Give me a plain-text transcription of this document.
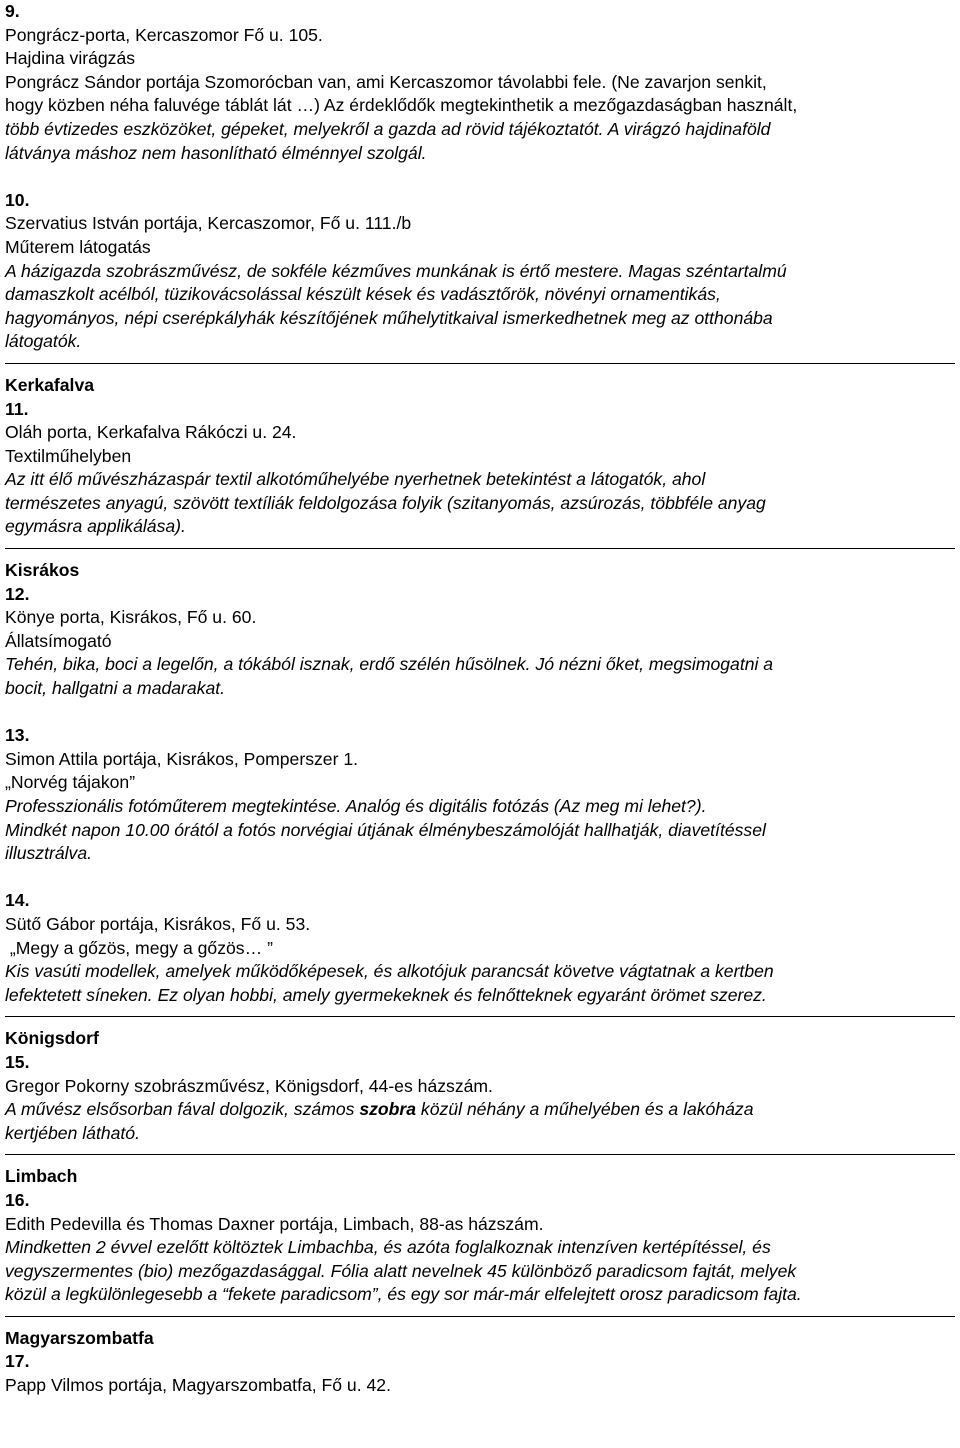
9.
Pongrácz-porta, Kercaszomor Fő u. 105.
Hajdina virágzás
Pongrácz Sándor portája Szomorócban van, ami Kercaszomor távolabbi fele. (Ne zavarjon senkit,
hogy közben néha faluvége táblát lát …) Az érdeklődők megtekinthetik a mezőgazdaságban használt,
több évtizedes eszközöket, gépeket, melyekről a gazda ad rövid tájékoztatót. A virágzó hajdinaföld
látványa máshoz nem hasonlítható élménnyel szolgál.
10.
Szervatius István portája, Kercaszomor, Fő u. 111./b
Műterem látogatás
A házigazda szobrászművész, de sokféle kézműves munkának is értő mestere. Magas széntartalmú
damaszkolt acélból, tüzikovácsolással készült kések és vadásztőrök, növényi ornamentikás,
hagyományos, népi cserépkályhák készítőjének műhelytitkaival ismerkedhetnek meg az otthonába
látogatók.
Kerkafalva
11.
Oláh porta, Kerkafalva Rákóczi u. 24.
Textilműhelyben
Az itt élő művészházaspár textil alkotóműhelyébe nyerhetnek betekintést a látogatók, ahol
természetes anyagú, szövött textíliák feldolgozása folyik (szitanyomás, azsúrozás, többféle anyag
egymásra applikálása).
Kisrákos
12.
Könye porta, Kisrákos, Fő u. 60.
Állatsímogató
Tehén, bika, boci a legelőn, a tókából isznak, erdő szélén hűsölnek. Jó nézni őket, megsimogatni a
bocit, hallgatni a madarakat.
13.
Simon Attila portája, Kisrákos, Pomperszer 1.
„Norvég tájakon”
Professzionális fotóműterem megtekintése. Analóg és digitális fotózás (Az meg mi lehet?).
Mindkét napon 10.00 órától a fotós norvégiai útjának élménybeszámolóját hallhatják, diavetítéssel
illusztrálva.
14.
Sütő Gábor portája, Kisrákos, Fő u. 53.
„Megy a gőzös, megy a gőzös… ”
Kis vasúti modellek, amelyek működőképesek, és alkotójuk parancsát követve vágtatnak a kertben
lefektetett síneken. Ez olyan hobbi, amely gyermekeknek és felnőtteknek egyaránt örömet szerez.
Königsdorf
15.
Gregor Pokorny szobrászművész, Königsdorf, 44-es házszám.
A művész elsősorban fával dolgozik, számos szobra közül néhány a műhelyében és a lakóháza
kertjében látható.
Limbach
16.
Edith Pedevilla és Thomas Daxner portája, Limbach, 88-as házszám.
Mindketten 2 évvel ezelőtt költöztek Limbachba, és azóta foglalkoznak intenzíven kertépítéssel, és
vegyszermentes (bio) mezőgazdasággal. Fólia alatt nevelnek 45 különböző paradicsom fajtát, melyek
közül a legkülönlegesebb a “fekete paradicsom”, és egy sor már-már elfelejtett orosz paradicsom fajta.
Magyarszombatfa
17.
Papp Vilmos portája, Magyarszombatfa, Fő u. 42.
